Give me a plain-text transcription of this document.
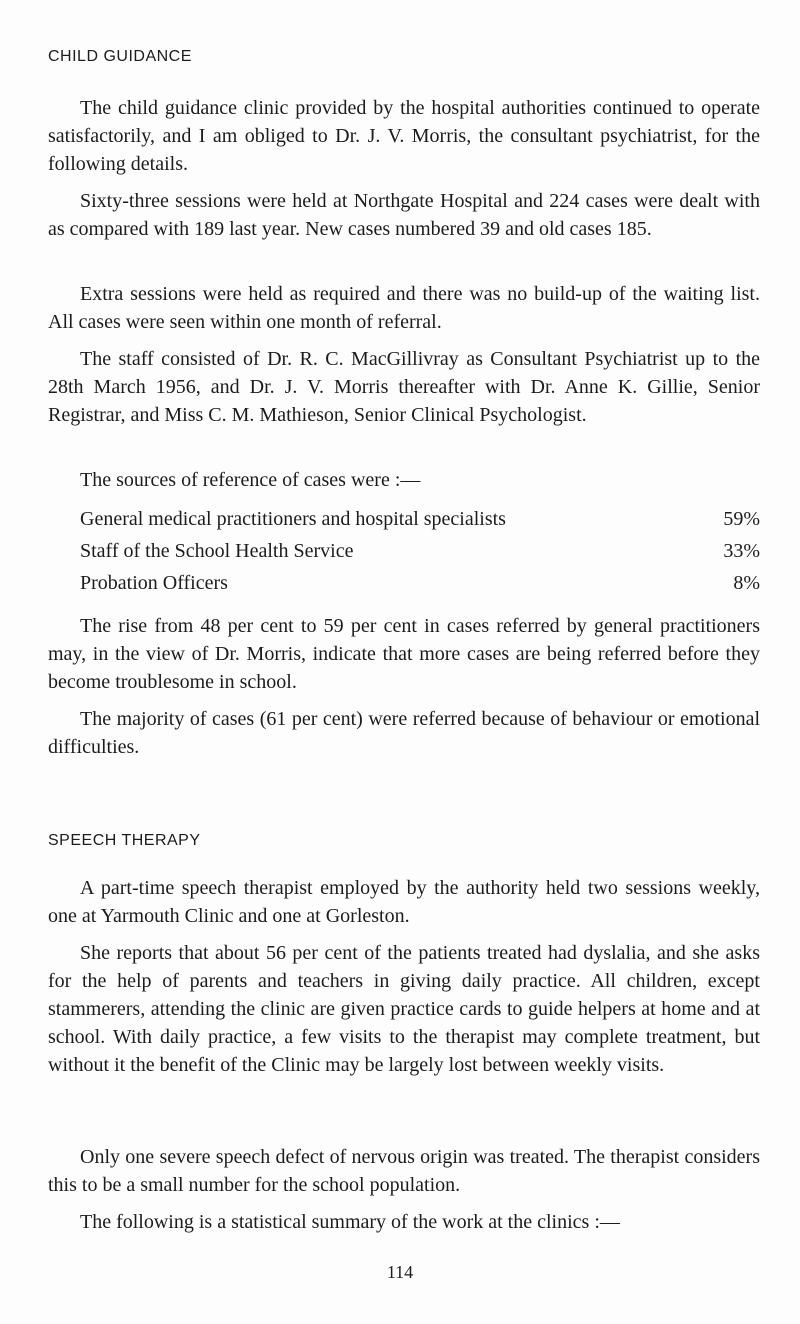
CHILD GUIDANCE

The child guidance clinic provided by the hospital authorities continued to operate satisfactorily, and I am obliged to Dr. J. V. Morris, the consultant psychiatrist, for the following details.

Sixty-three sessions were held at Northgate Hospital and 224 cases were dealt with as compared with 189 last year. New cases numbered 39 and old cases 185.

Extra sessions were held as required and there was no build-up of the waiting list. All cases were seen within one month of referral.

The staff consisted of Dr. R. C. MacGillivray as Consultant Psychiatrist up to the 28th March 1956, and Dr. J. V. Morris thereafter with Dr. Anne K. Gillie, Senior Registrar, and Miss C. M. Mathieson, Senior Clinical Psychologist.

The sources of reference of cases were :—

General medical practitioners and hospital specialists	59%
Staff of the School Health Service	33%
Probation Officers	8%

The rise from 48 per cent to 59 per cent in cases referred by general practitioners may, in the view of Dr. Morris, indicate that more cases are being referred before they become troublesome in school.

The majority of cases (61 per cent) were referred because of behaviour or emotional difficulties.

SPEECH THERAPY

A part-time speech therapist employed by the authority held two sessions weekly, one at Yarmouth Clinic and one at Gorleston.

She reports that about 56 per cent of the patients treated had dyslalia, and she asks for the help of parents and teachers in giving daily practice. All children, except stammerers, attending the clinic are given practice cards to guide helpers at home and at school. With daily practice, a few visits to the therapist may complete treatment, but without it the benefit of the Clinic may be largely lost between weekly visits.

Only one severe speech defect of nervous origin was treated. The therapist considers this to be a small number for the school population.

The following is a statistical summary of the work at the clinics :—

114
